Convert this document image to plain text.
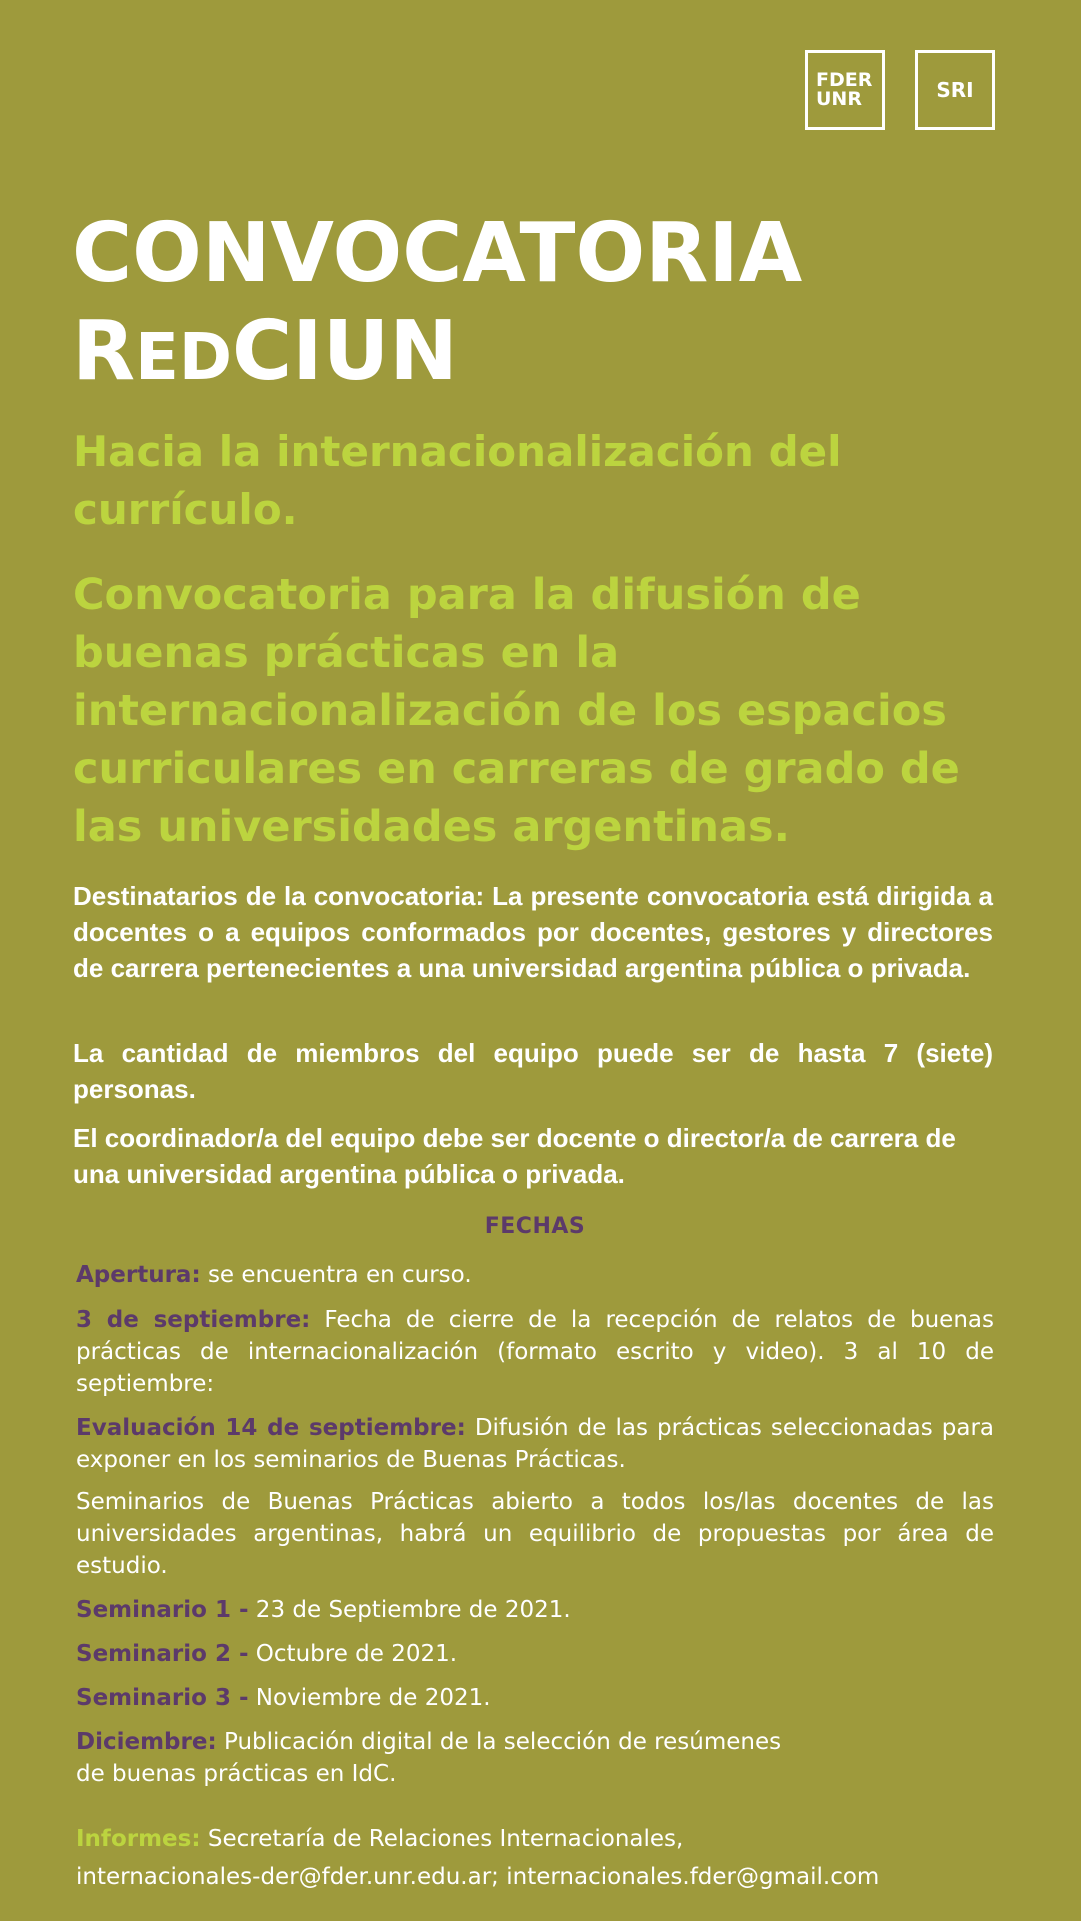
FDER
UNR	SRI
CONVOCATORIA
REDCIUN

Hacia la internacionalización del currículo.

Convocatoria para la difusión de buenas prácticas en la internacionalización de los espacios curriculares en carreras de grado de las universidades argentinas.

Destinatarios de la convocatoria: La presente convocatoria está dirigida a docentes o a equipos conformados por docentes, gestores y directores de carrera pertenecientes a una universidad argentina pública o privada.

La cantidad de miembros del equipo puede ser de hasta 7 (siete) personas.

El coordinador/a del equipo debe ser docente o director/a de carrera de una universidad argentina pública o privada.

FECHAS

Apertura: se encuentra en curso.

3 de septiembre: Fecha de cierre de la recepción de relatos de buenas prácticas de internacionalización (formato escrito y video). 3 al 10 de septiembre:

Evaluación 14 de septiembre: Difusión de las prácticas seleccionadas para exponer en los seminarios de Buenas Prácticas.

Seminarios de Buenas Prácticas abierto a todos los/las docentes de las universidades argentinas, habrá un equilibrio de propuestas por área de estudio.

Seminario 1 - 23 de Septiembre de 2021.

Seminario 2 - Octubre de 2021.

Seminario 3 - Noviembre de 2021.

Diciembre: Publicación digital de la selección de resúmenes
de buenas prácticas en IdC.

Informes: Secretaría de Relaciones Internacionales,
internacionales-der@fder.unr.edu.ar; internacionales.fder@gmail.com
